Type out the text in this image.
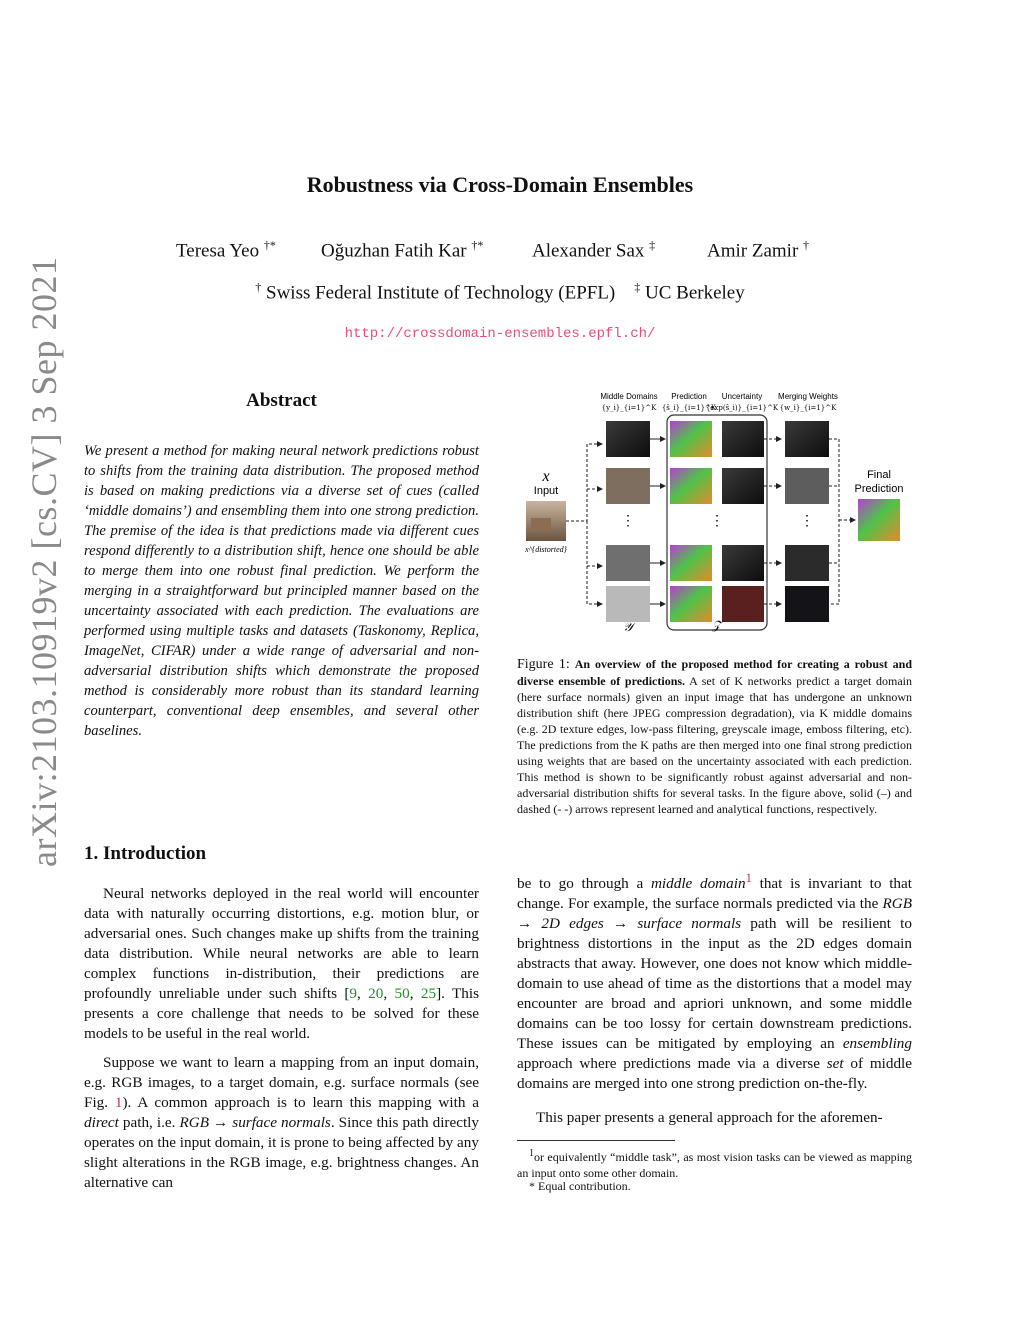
arXiv:2103.10919v2 [cs.CV] 3 Sep 2021
Robustness via Cross-Domain Ensembles
Teresa Yeo †* Oğuzhan Fatih Kar †*	Alexander Sax ‡	Amir Zamir †
† Swiss Federal Institute of Technology (EPFL) ‡ UC Berkeley
http://crossdomain-ensembles.epfl.ch/
Abstract
We present a method for making neural network predictions robust to shifts from the training data distribution. The proposed method is based on making predictions via a diverse set of cues (called ‘middle domains’) and ensembling them into one strong prediction. The premise of the idea is that predictions made via different cues respond differently to a distribution shift, hence one should be able to merge them into one robust final prediction. We perform the merging in a straightforward but principled manner based on the uncertainty associated with each prediction. The evaluations are performed using multiple tasks and datasets (Taskonomy, Replica, ImageNet, CIFAR) under a wide range of adversarial and non-adversarial distribution shifts which demonstrate the proposed method is considerably more robust than its standard learning counterpart, conventional deep ensembles, and several other baselines.
1. Introduction
Neural networks deployed in the real world will encounter data with naturally occurring distortions, e.g. motion blur, or adversarial ones. Such changes make up shifts from the training data distribution. While neural networks are able to learn complex functions in-distribution, their predictions are profoundly unreliable under such shifts [9, 20, 50, 25]. This presents a core challenge that needs to be solved for these models to be useful in the real world.
Suppose we want to learn a mapping from an input domain, e.g. RGB images, to a target domain, e.g. surface normals (see Fig. 1). A common approach is to learn this mapping with a direct path, i.e. RGB → surface normals. Since this path directly operates on the input domain, it is prone to being affected by any slight alterations in the RGB image, e.g. brightness changes. An alternative can
Middle Domains Prediction Uncertainty Merging Weights
{y_i}_{i=1}^K {ŝ_i}_{i=1}^K
{exp(ŝ_i)}_{i=1}^K {w_i}_{i=1}^K
x
Input
x^{distorted}
⋮
𝒴
⋮
𝒵
⋮
Final
Prediction
Figure 1: An overview of the proposed method for creating a robust and diverse ensemble of predictions. A set of K networks predict a target domain (here surface normals) given an input image that has undergone an unknown distribution shift (here JPEG compression degradation), via K middle domains (e.g. 2D texture edges, low-pass filtering, greyscale image, emboss filtering, etc). The predictions from the K paths are then merged into one final strong prediction using weights that are based on the uncertainty associated with each prediction. This method is shown to be significantly robust against adversarial and non-adversarial distribution shifts for several tasks. In the figure above, solid (–) and dashed (- -) arrows represent learned and analytical functions, respectively.
be to go through a middle domain$^1$ that is invariant to that change. For example, the surface normals predicted via the RGB → 2D edges → surface normals path will be resilient to brightness distortions in the input as the 2D edges domain abstracts that away. However, one does not know which middle-domain to use ahead of time as the distortions that a model may encounter are broad and apriori unknown, and some middle domains can be too lossy for certain downstream predictions. These issues can be mitigated by employing an ensembling approach where predictions made via a diverse set of middle domains are merged into one strong prediction on-the-fly.
This paper presents a general approach for the aforemen-
$^1$or equivalently “middle task”, as most vision tasks can be viewed as mapping an input onto some other domain.
* Equal contribution.
